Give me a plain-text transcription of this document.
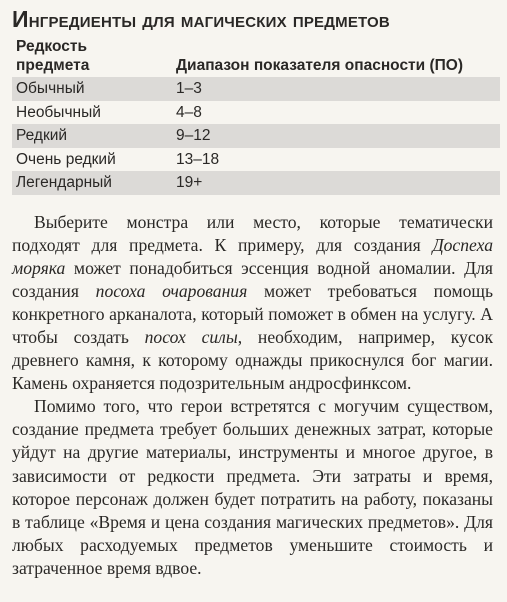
Ингредиенты для магических предметов
Редкость
предмета	Диапазон показателя опасности (ПО)
Обычный	1–3
Необычный	4–8
Редкий	9–12
Очень редкий	13–18
Легендарный	19+

Выберите монстра или место, которые тематически подходят для предмета. К примеру, для создания Доспеха моряка может понадобиться эссенция водной аномалии. Для создания посоха очарования может требоваться помощь конкретного арканалота, который поможет в обмен на услугу. А чтобы создать посох силы, необходим, например, кусок древнего камня, к которому однажды прикоснулся бог магии. Камень охраняется подозрительным андросфинксом.

Помимо того, что герои встретятся с могучим существом, создание предмета требует больших денежных затрат, которые уйдут на другие материалы, инструменты и многое другое, в зависимости от редкости предмета. Эти затраты и время, которое персонаж должен будет потратить на работу, показаны в таблице «Время и цена создания магических предметов». Для любых расходуемых предметов уменьшите стоимость и затраченное время вдвое.
